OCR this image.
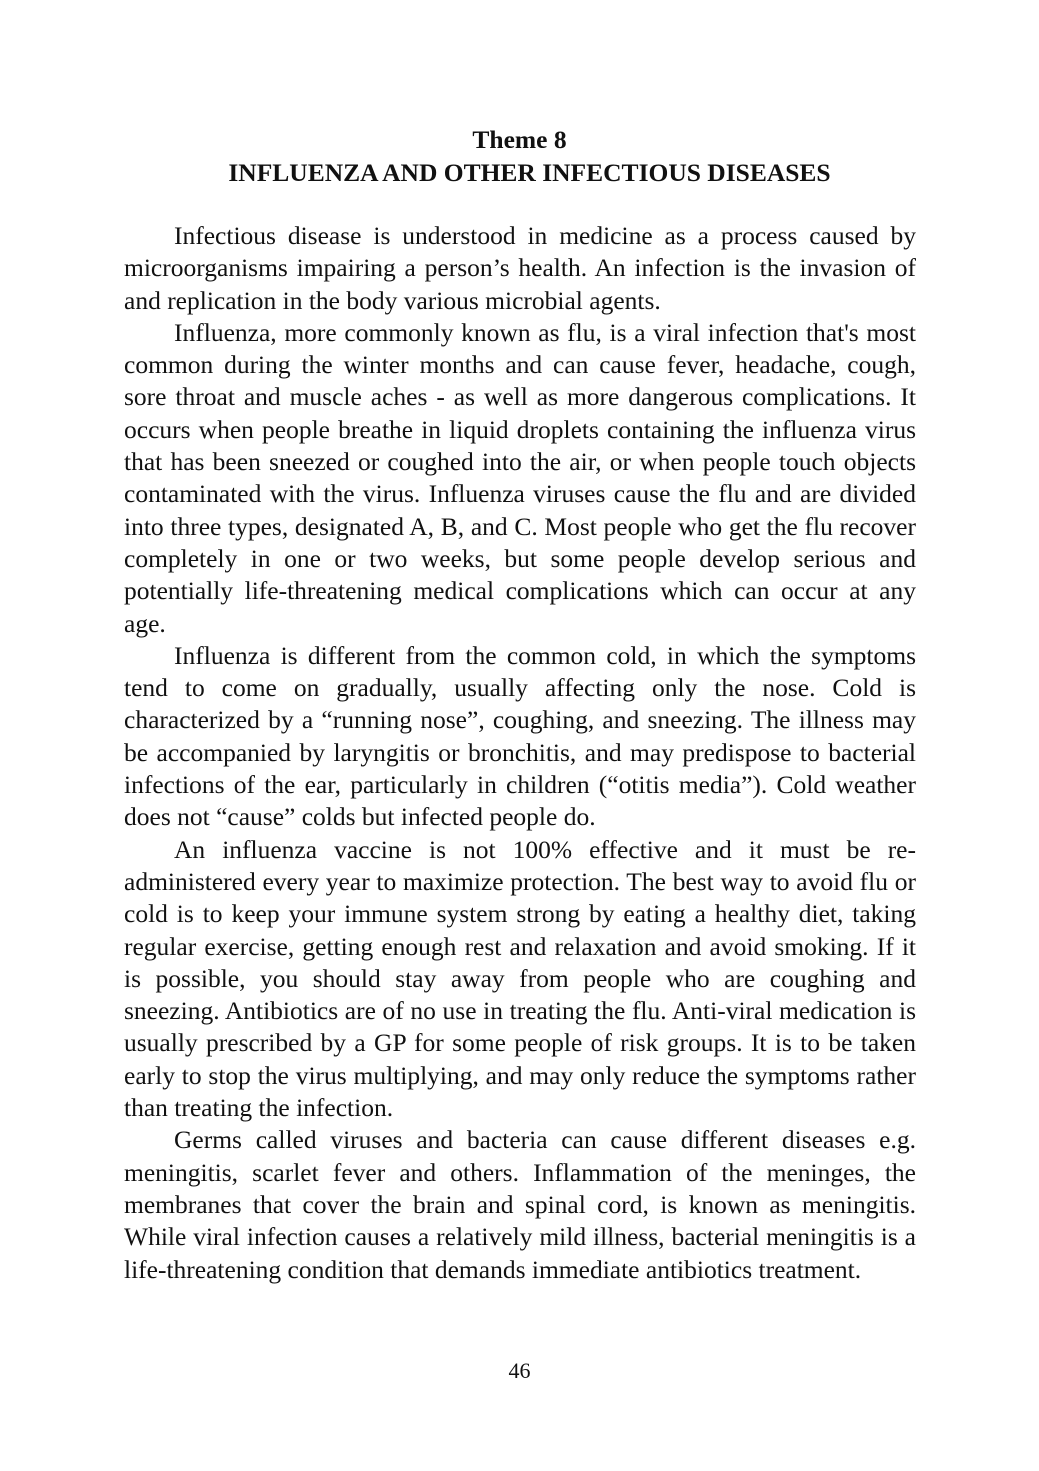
Theme 8
INFLUENZA AND OTHER INFECTIOUS DISEASES

Infectious disease is understood in medicine as a process caused by microorganisms impairing a person’s health. An infection is the invasion of and replication in the body various microbial agents.

Influenza, more commonly known as flu, is a viral infection that's most common during the winter months and can cause fever, headache, cough, sore throat and muscle aches - as well as more dangerous complications. It occurs when people breathe in liquid droplets containing the influenza virus that has been sneezed or coughed into the air, or when people touch objects contaminated with the virus. Influenza viruses cause the flu and are divided into three types, designated A, B, and C. Most people who get the flu recover completely in one or two weeks, but some people develop serious and potentially life-threatening medical complications which can occur at any age.

Influenza is different from the common cold, in which the symptoms tend to come on gradually, usually affecting only the nose. Cold is characterized by a “running nose”, coughing, and sneezing. The illness may be accompanied by laryngitis or bronchitis, and may predispose to bacterial infections of the ear, particularly in children (“otitis media”). Cold weather does not “cause” colds but infected people do.

An influenza vaccine is not 100% effective and it must be re-administered every year to maximize protection. The best way to avoid flu or cold is to keep your immune system strong by eating a healthy diet, taking regular exercise, getting enough rest and relaxation and avoid smoking. If it is possible, you should stay away from people who are coughing and sneezing. Antibiotics are of no use in treating the flu. Anti-viral medication is usually prescribed by a GP for some people of risk groups. It is to be taken early to stop the virus multiplying, and may only reduce the symptoms rather than treating the infection.

Germs called viruses and bacteria can cause different diseases e.g. meningitis, scarlet fever and others. Inflammation of the meninges, the membranes that cover the brain and spinal cord, is known as meningitis. While viral infection causes a relatively mild illness, bacterial meningitis is a life-threatening condition that demands immediate antibiotics treatment.

46
